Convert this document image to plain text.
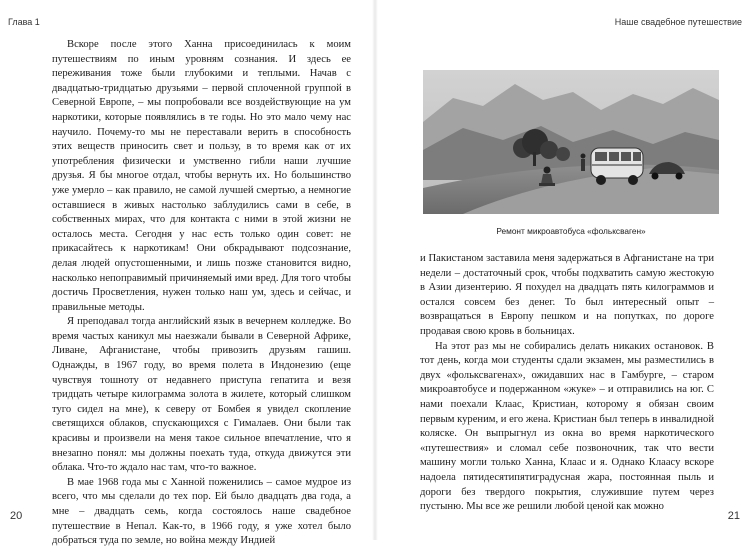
Глава 1

Вскоре после этого Ханна присоединилась к моим путешествиям по иным уровням сознания. И здесь ее переживания тоже были глубокими и теплыми. Начав с двадцатью-тридцатью друзьями – первой сплоченной группой в Северной Европе, – мы попробовали все воздействующие на ум наркотики, которые появлялись в те годы. Но это мало чему нас научило. Почему-то мы не переставали верить в способность этих веществ приносить свет и пользу, в то время как от их употребления физически и умственно гибли наши лучшие друзья. Я бы многое отдал, чтобы вернуть их. Но большинство уже умерло – как правило, не самой лучшей смертью, а немногие оставшиеся в живых настолько заблудились сами в себе, в собственных мирах, что для контакта с ними в этой жизни не осталось места. Сегодня у нас есть только один совет: не прикасайтесь к наркотикам! Они обкрадывают подсознание, делая людей опустошенными, и лишь позже становится видно, насколько непоправимый причиняемый ими вред. Для того чтобы достичь Просветления, нужен только наш ум, здесь и сейчас, и правильные методы.

Я преподавал тогда английский язык в вечернем колледже. Во время частых каникул мы наезжали бывали в Северной Африке, Ливане, Афганистане, чтобы привозить друзьям гашиш. Однажды, в 1967 году, во время полета в Индонезию (еще чувствуя тошноту от недавнего приступа гепатита и везя тридцать четыре килограмма золота в жилете, который слишком туго сидел на мне), к северу от Бомбея я увидел скопление светящихся облаков, спускающихся с Гималаев. Они были так красивы и произвели на меня такое сильное впечатление, что я внезапно понял: мы должны поехать туда, откуда движутся эти облака. Что-то ждало нас там, что-то важное.

В мае 1968 года мы с Ханной поженились – самое мудрое из всего, что мы сделали до тех пор. Ей было двадцать два года, а мне – двадцать семь, когда состоялось наше свадебное путешествие в Непал. Как-то, в 1966 году, я уже хотел было добраться туда по земле, но война между Индией

20

Наше свадебное путешествие

Ремонт микроавтобуса «фольксваген»

и Пакистаном заставила меня задержаться в Афганистане на три недели – достаточный срок, чтобы подхватить самую жестокую в Азии дизентерию. Я похудел на двадцать пять килограммов и остался совсем без денег. То был интересный опыт – возвращаться в Европу пешком и на попутках, по дороге продавая свою кровь в больницах.

На этот раз мы не собирались делать никаких остановок. В тот день, когда мои студенты сдали экзамен, мы разместились в двух «фольксвагенах», ожидавших нас в Гамбурге, – старом микроавтобусе и подержанном «жуке» – и отправились на юг. С нами поехали Клаас, Кристиан, которому я обязан своим первым куреним, и его жена. Кристиан был теперь в инвалидной коляске. Он выпрыгнул из окна во время наркотического «путешествия» и сломал себе позвоночник, так что вести машину могли только Ханна, Клаас и я. Однако Клаасу вскоре надоела пятидесятипятиградусная жара, постоянная пыль и дороги без твердого покрытия, служившие путем через пустыню. Мы все же решили любой ценой как можно

21
